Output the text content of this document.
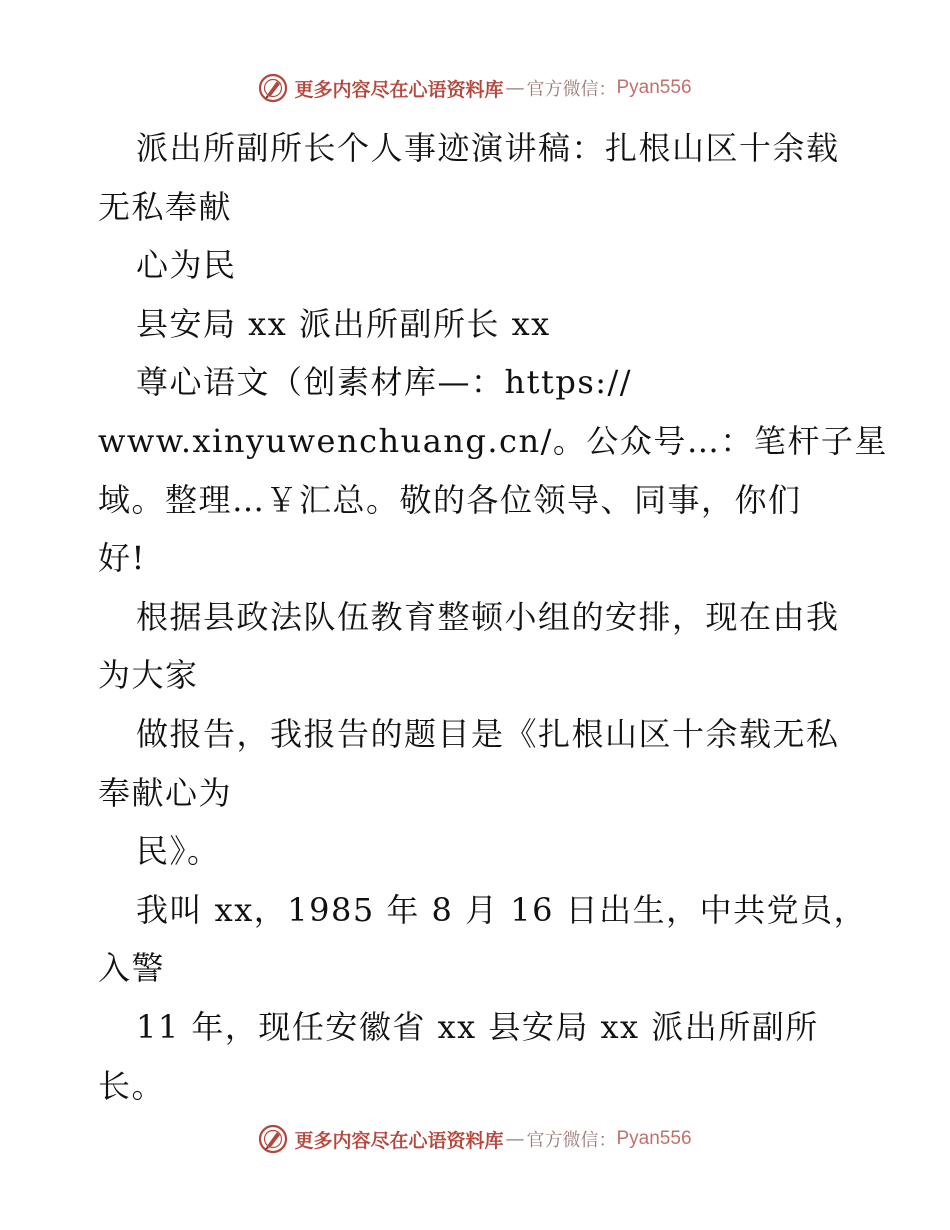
更多内容尽在心语资料库 — 官方微信： Pyan556
派出所副所长个人事迹演讲稿：扎根山区十余载
无私奉献
心为民
县安局 xx 派出所副所长 xx
尊心语文（创素材库—：https://
www.xinyuwenchuang.cn/。公众号…：笔杆子星
域。整理…￥汇总。敬的各位领导、同事，你们
好!
根据县政法队伍教育整顿小组的安排，现在由我
为大家
做报告，我报告的题目是《扎根山区十余载无私
奉献心为
民》。
我叫 xx，1985 年 8 月 16 日出生，中共党员，
入警
11 年，现任安徽省 xx 县安局 xx 派出所副所
长。
更多内容尽在心语资料库 — 官方微信： Pyan556
